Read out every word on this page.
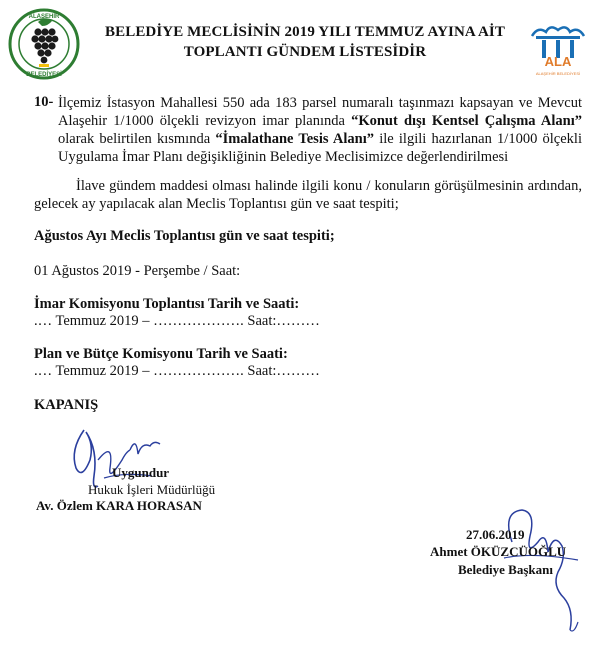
ALAŞEHİR
BELEDİYESİ
ALA
ALAŞEHİR BELEDİYESİ
BELEDİYE MECLİSİNİN 2019 YILI TEMMUZ AYINA AİT
TOPLANTI GÜNDEM LİSTESİDİR
10- İlçemiz İstasyon Mahallesi 550 ada 183 parsel numaralı taşınmazı kapsayan ve Mevcut Alaşehir 1/1000 ölçekli revizyon imar planında “Konut dışı Kentsel Çalışma Alanı” olarak belirtilen kısmında “İmalathane Tesis Alanı” ile ilgili hazırlanan 1/1000 ölçekli Uygulama İmar Planı değişikliğinin Belediye Meclisimizce değerlendirilmesi
İlave gündem maddesi olması halinde ilgili konu / konuların görüşülmesinin ardından, gelecek ay yapılacak alan Meclis Toplantısı gün ve saat tespiti;
Ağustos Ayı Meclis Toplantısı gün ve saat tespiti;
01 Ağustos 2019 - Perşembe / Saat:
İmar Komisyonu Toplantısı Tarih ve Saati:
.… Temmuz 2019 – ………………. Saat:………
Plan ve Bütçe Komisyonu Tarih ve Saati:
.… Temmuz 2019 – ………………. Saat:………
KAPANIŞ
Uygundur
Hukuk İşleri Müdürlüğü
Av. Özlem KARA HORASAN
27.06.2019
Ahmet ÖKÜZCÜOĞLU
Belediye Başkanı
